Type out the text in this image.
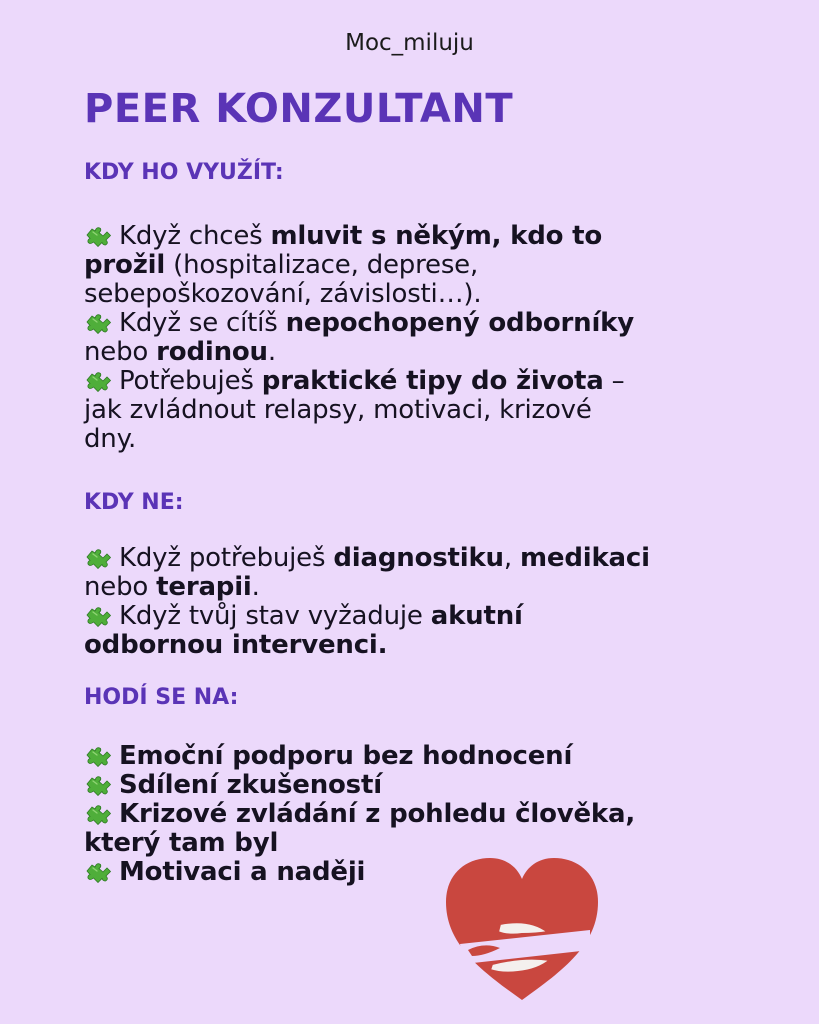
Moc_miluju
PEER KONZULTANT
KDY HO VYUŽÍT:
Když chceš mluvit s někým, kdo to
prožil (hospitalizace, deprese,
sebepoškozování, závislosti…).
Když se cítíš nepochopený odborníky
nebo rodinou.
Potřebuješ praktické tipy do života –
jak zvládnout relapsy, motivaci, krizové
dny.
KDY NE:
Když potřebuješ diagnostiku, medikaci
nebo terapii.
Když tvůj stav vyžaduje akutní
odbornou intervenci.
HODÍ SE NA:
Emoční podporu bez hodnocení
Sdílení zkušeností
Krizové zvládání z pohledu člověka,
který tam byl
Motivaci a naději
